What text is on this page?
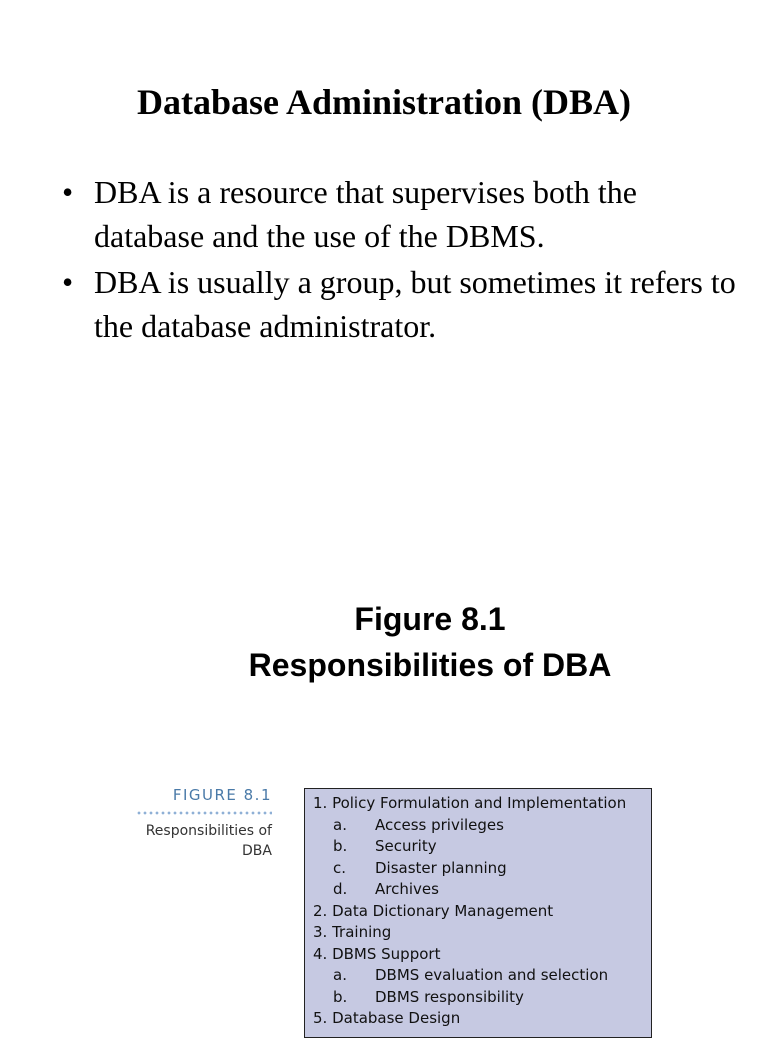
Database Administration (DBA)
• DBA is a resource that supervises both the database and the use of the DBMS.
• DBA is usually a group, but sometimes it refers to the database administrator.
Figure 8.1
Responsibilities of DBA
FIGURE 8.1
Responsibilities of
DBA
1. Policy Formulation and Implementation
a. Access privileges
b. Security
c. Disaster planning
d. Archives
2. Data Dictionary Management
3. Training
4. DBMS Support
a. DBMS evaluation and selection
b. DBMS responsibility
5. Database Design
